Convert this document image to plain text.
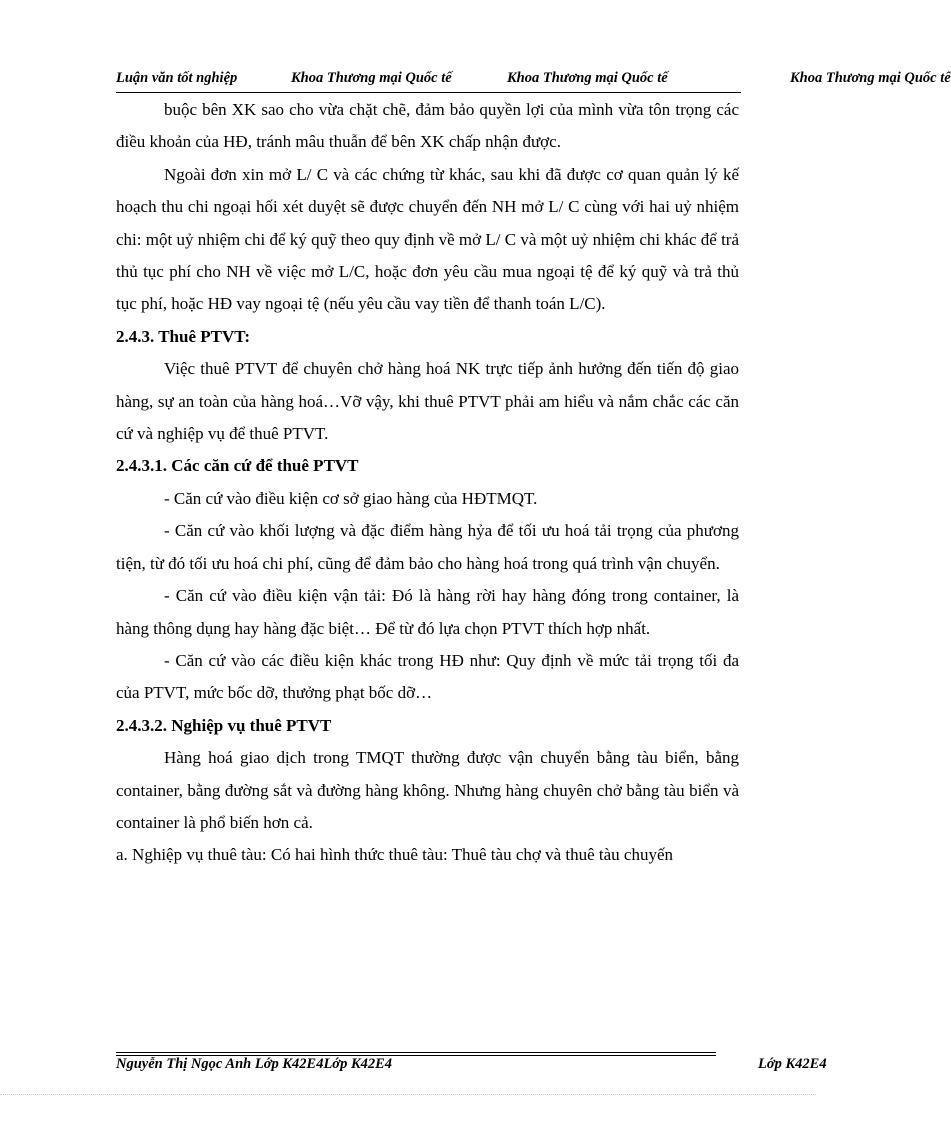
Luận văn tốt nghiệp	Khoa Thương mại Quốc tế	Khoa Thương mại Quốc tế	Khoa Thương mại Quốc tế

buộc bên XK sao cho vừa chặt chẽ, đảm bảo quyền lợi của mình vừa tôn trọng các điều khoản của HĐ, tránh mâu thuẫn để bên XK chấp nhận được.

Ngoài đơn xin mở L/ C và các chứng từ khác, sau khi đã được cơ quan quản lý kế hoạch thu chi ngoại hối xét duyệt sẽ được chuyển đến NH mở L/ C cùng với hai uỷ nhiệm chi: một uỷ nhiệm chi để ký quỹ theo quy định về mở L/ C và một uỷ nhiệm chi khác để trả thủ tục phí cho NH về việc mở L/C, hoặc đơn yêu cầu mua ngoại tệ để ký quỹ và trả thủ tục phí, hoặc HĐ vay ngoại tệ (nếu yêu cầu vay tiền để thanh toán L/C).

2.4.3. Thuê PTVT:

Việc thuê PTVT để chuyên chở hàng hoá NK trực tiếp ảnh hưởng đến tiến độ giao hàng, sự an toàn của hàng hoá…Vỡ vậy, khi thuê PTVT phải am hiểu và nắm chắc các căn cứ và nghiệp vụ để thuê PTVT.

2.4.3.1. Các căn cứ để thuê PTVT

- Căn cứ vào điều kiện cơ sở giao hàng của HĐTMQT.

- Căn cứ vào khối lượng và đặc điểm hàng hỷa để tối ưu hoá tải trọng của phương tiện, từ đó tối ưu hoá chi phí, cũng để đảm bảo cho hàng hoá trong quá trình vận chuyển.

- Căn cứ vào điều kiện vận tải: Đó là hàng rời hay hàng đóng trong container, là hàng thông dụng hay hàng đặc biệt… Để từ đó lựa chọn PTVT thích hợp nhất.

- Căn cứ vào các điều kiện khác trong HĐ như: Quy định về mức tải trọng tối đa của PTVT, mức bốc dỡ, thưởng phạt bốc dỡ…

2.4.3.2. Nghiệp vụ thuê PTVT

Hàng hoá giao dịch trong TMQT thường được vận chuyển bằng tàu biển, bằng container, bằng đường sắt và đường hàng không. Nhưng hàng chuyên chở bằng tàu biển và container là phổ biến hơn cả.

a. Nghiệp vụ thuê tàu: Có hai hình thức thuê tàu: Thuê tàu chợ và thuê tàu chuyến

Nguyễn Thị Ngọc Anh Lớp K42E4Lớp K42E4	Lớp K42E4
